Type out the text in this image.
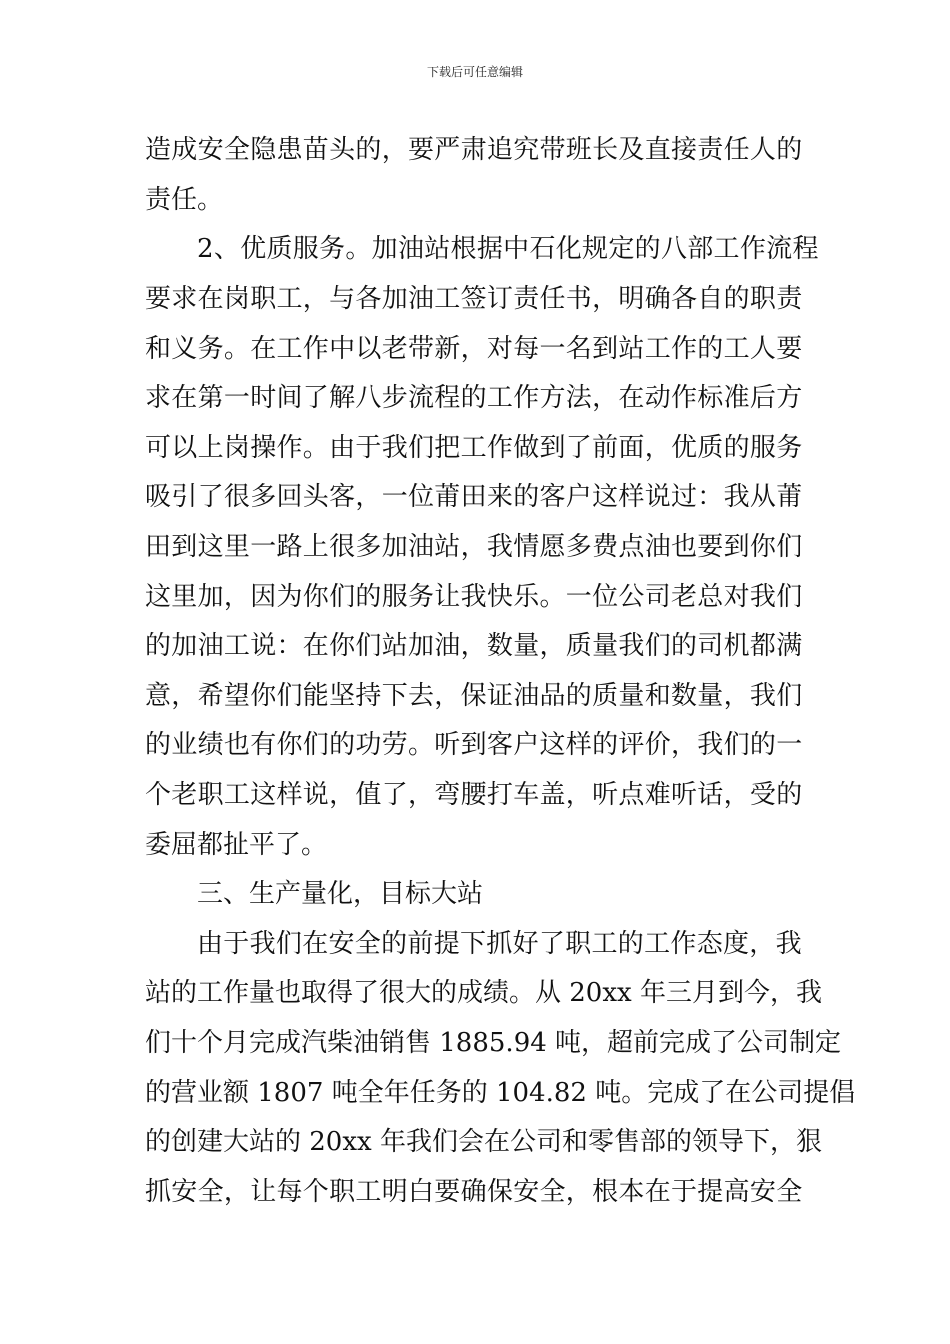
下载后可任意编辑
造成安全隐患苗头的，要严肃追究带班长及直接责任人的
责任。
2、优质服务。加油站根据中石化规定的八部工作流程
要求在岗职工，与各加油工签订责任书，明确各自的职责
和义务。在工作中以老带新，对每一名到站工作的工人要
求在第一时间了解八步流程的工作方法，在动作标准后方
可以上岗操作。由于我们把工作做到了前面，优质的服务
吸引了很多回头客，一位莆田来的客户这样说过：我从莆
田到这里一路上很多加油站，我情愿多费点油也要到你们
这里加，因为你们的服务让我快乐。一位公司老总对我们
的加油工说：在你们站加油，数量，质量我们的司机都满
意，希望你们能坚持下去，保证油品的质量和数量，我们
的业绩也有你们的功劳。听到客户这样的评价，我们的一
个老职工这样说，值了，弯腰打车盖，听点难听话，受的
委屈都扯平了。
三、生产量化，目标大站
由于我们在安全的前提下抓好了职工的工作态度，我
站的工作量也取得了很大的成绩。从 20xx 年三月到今，我
们十个月完成汽柴油销售 1885.94 吨，超前完成了公司制定
的营业额 1807 吨全年任务的 104.82 吨。完成了在公司提倡
的创建大站的 20xx 年我们会在公司和零售部的领导下，狠
抓安全，让每个职工明白要确保安全，根本在于提高安全
